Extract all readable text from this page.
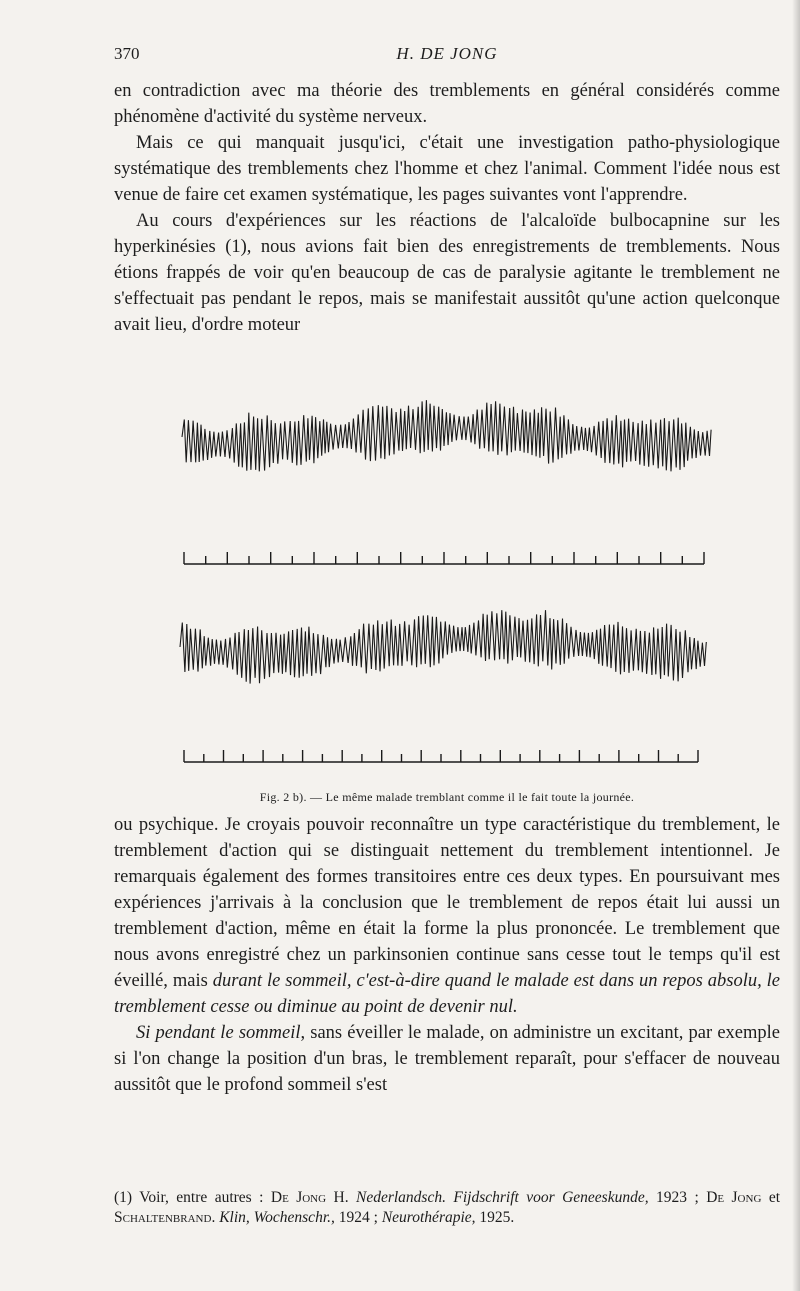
370	H. DE JONG

en contradiction avec ma théorie des tremblements en général considérés comme phénomène d'activité du système nerveux.

Mais ce qui manquait jusqu'ici, c'était une investigation patho-physiologique systématique des tremblements chez l'homme et chez l'animal. Comment l'idée nous est venue de faire cet examen systématique, les pages suivantes vont l'apprendre.

Au cours d'expériences sur les réactions de l'alcaloïde bulbocapnine sur les hyperkinésies (1), nous avions fait bien des enregistrements de tremblements. Nous étions frappés de voir qu'en beaucoup de cas de paralysie agitante le tremblement ne s'effectuait pas pendant le repos, mais se manifestait aussitôt qu'une action quelconque avait lieu, d'ordre moteur

Fig. 2 b). — Le même malade tremblant comme il le fait toute la journée.

ou psychique. Je croyais pouvoir reconnaître un type caractéristique du tremblement, le tremblement d'action qui se distinguait nettement du tremblement intentionnel. Je remarquais également des formes transitoires entre ces deux types. En poursuivant mes expériences j'arrivais à la conclusion que le tremblement de repos était lui aussi un tremblement d'action, même en était la forme la plus prononcée. Le tremblement que nous avons enregistré chez un parkinsonien continue sans cesse tout le temps qu'il est éveillé, mais durant le sommeil, c'est-à-dire quand le malade est dans un repos absolu, le tremblement cesse ou diminue au point de devenir nul.

Si pendant le sommeil, sans éveiller le malade, on administre un excitant, par exemple si l'on change la position d'un bras, le tremblement reparaît, pour s'effacer de nouveau aussitôt que le profond sommeil s'est

(1) Voir, entre autres : De Jong H. Nederlandsch. Fijdschrift voor Geneeskunde, 1923 ; De Jong et Schaltenbrand. Klin, Wochenschr., 1924 ; Neurothérapie, 1925.
